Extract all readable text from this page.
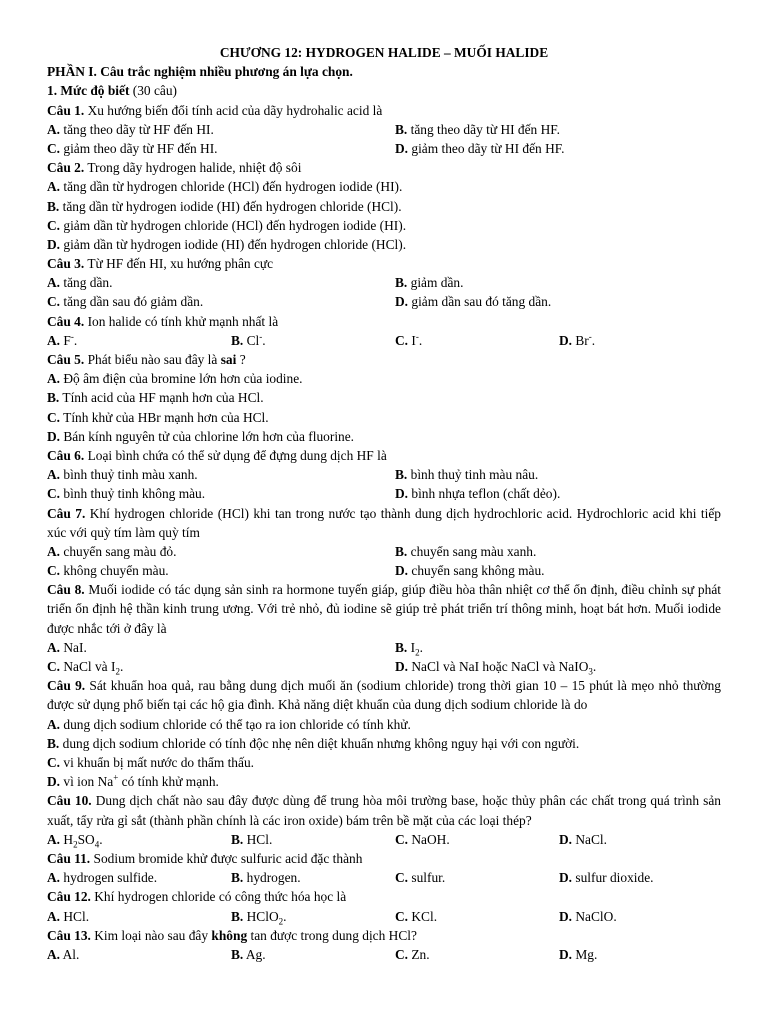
CHƯƠNG 12: HYDROGEN HALIDE – MUỐI HALIDE
PHẦN I. Câu trắc nghiệm nhiều phương án lựa chọn.
1. Mức độ biết (30 câu)
Câu 1. Xu hướng biến đổi tính acid của dãy hydrohalic acid là
A. tăng theo dãy từ HF đến HI.	B. tăng theo dãy từ HI đến HF.
C. giảm theo dãy từ HF đến HI.	D. giảm theo dãy từ HI đến HF.
Câu 2. Trong dãy hydrogen halide, nhiệt độ sôi
A. tăng dần từ hydrogen chloride (HCl) đến hydrogen iodide (HI).
B. tăng dần từ hydrogen iodide (HI) đến hydrogen chloride (HCl).
C. giảm dần từ hydrogen chloride (HCl) đến hydrogen iodide (HI).
D. giảm dần từ hydrogen iodide (HI) đến hydrogen chloride (HCl).
Câu 3. Từ HF đến HI, xu hướng phân cực
A. tăng dần.	B. giảm dần.
C. tăng dần sau đó giảm dần.	D. giảm dần sau đó tăng dần.
Câu 4. Ion halide có tính khử mạnh nhất là
A. F-.	B. Cl-.	C. I-.	D. Br-.
Câu 5. Phát biểu nào sau đây là sai ?
A. Độ âm điện của bromine lớn hơn của iodine.
B. Tính acid của HF mạnh hơn của HCl.
C. Tính khử của HBr mạnh hơn của HCl.
D. Bán kính nguyên tử của chlorine lớn hơn của fluorine.
Câu 6. Loại bình chứa có thể sử dụng để đựng dung dịch HF là
A. bình thuỷ tinh màu xanh.	B. bình thuỷ tinh màu nâu.
C. bình thuỷ tinh không màu.	D. bình nhựa teflon (chất dẻo).
Câu 7. Khí hydrogen chloride (HCl) khi tan trong nước tạo thành dung dịch hydrochloric acid. Hydrochloric acid khi tiếp xúc với quỳ tím làm quỳ tím
A. chuyển sang màu đỏ.	B. chuyển sang màu xanh.
C. không chuyển màu.	D. chuyển sang không màu.
Câu 8. Muối iodide có tác dụng sản sinh ra hormone tuyến giáp, giúp điều hòa thân nhiệt cơ thể ổn định, điều chỉnh sự phát triển ổn định hệ thần kinh trung ương. Với trẻ nhỏ, đủ iodine sẽ giúp trẻ phát triển trí thông minh, hoạt bát hơn. Muối iodide được nhắc tới ở đây là
A. NaI.	B. $I_2$.
C. NaCl và $I_2$.	D. NaCl và NaI hoặc NaCl và NaIO$_3$.
Câu 9. Sát khuẩn hoa quả, rau bằng dung dịch muối ăn (sodium chloride) trong thời gian 10 – 15 phút là mẹo nhỏ thường được sử dụng phổ biến tại các hộ gia đình. Khả năng diệt khuẩn của dung dịch sodium chloride là do
A. dung dịch sodium chloride có thể tạo ra ion chloride có tính khử.
B. dung dịch sodium chloride có tính độc nhẹ nên diệt khuẩn nhưng không nguy hại với con người.
C. vi khuẩn bị mất nước do thẩm thấu.
D. vì ion Na+ có tính khử mạnh.
Câu 10. Dung dịch chất nào sau đây được dùng để trung hòa môi trường base, hoặc thủy phân các chất trong quá trình sản xuất, tẩy rửa gỉ sắt (thành phần chính là các iron oxide) bám trên bề mặt của các loại thép?
A. $H_2SO_4$.	B. HCl.	C. NaOH.	D. NaCl.
Câu 11. Sodium bromide khử được sulfuric acid đặc thành
A. hydrogen sulfide.	B. hydrogen.	C. sulfur.	D. sulfur dioxide.
Câu 12. Khí hydrogen chloride có công thức hóa học là
A. HCl.	B. HClO$_2$.	C. KCl.	D. NaClO.
Câu 13. Kim loại nào sau đây không tan được trong dung dịch HCl?
A. Al.	B. Ag.	C. Zn.	D. Mg.
